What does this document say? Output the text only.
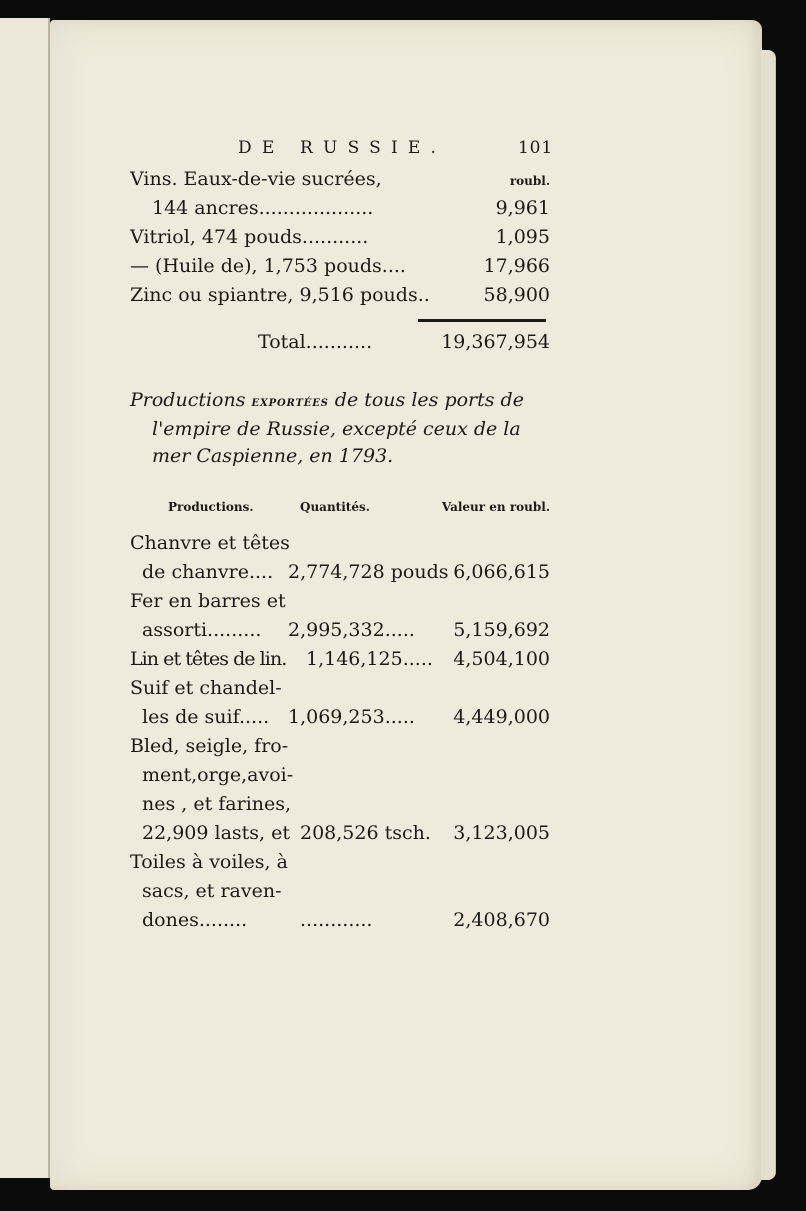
DE RUSSIE.	101
Vins. Eaux-de-vie sucrées,	roubl.
144 ancres...................	9,961
Vitriol, 474 pouds...........	1,095
— (Huile de), 1,753 pouds....	17,966
Zinc ou spiantre, 9,516 pouds..	58,900
Total...........	19,367,954
Productions exportées de tous les ports de
l'empire de Russie, excepté ceux de la
mer Caspienne, en 1793.
Productions.	Quantités.	Valeur en roubl.
Chanvre et têtes
de chanvre.... 2,774,728 pouds 6,066,615
Fer en barres et
assorti......... 2,995,332..... 5,159,692
Lin et têtes de lin. 1,146,125..... 4,504,100
Suif et chandel-
les de suif..... 1,069,253..... 4,449,000
Bled, seigle, fro-
ment,orge,avoi-
nes , et farines,
22,909 lasts, et 208,526 tsch. 3,123,005
Toiles à voiles, à
sacs, et raven-
dones........	............	2,408,670
